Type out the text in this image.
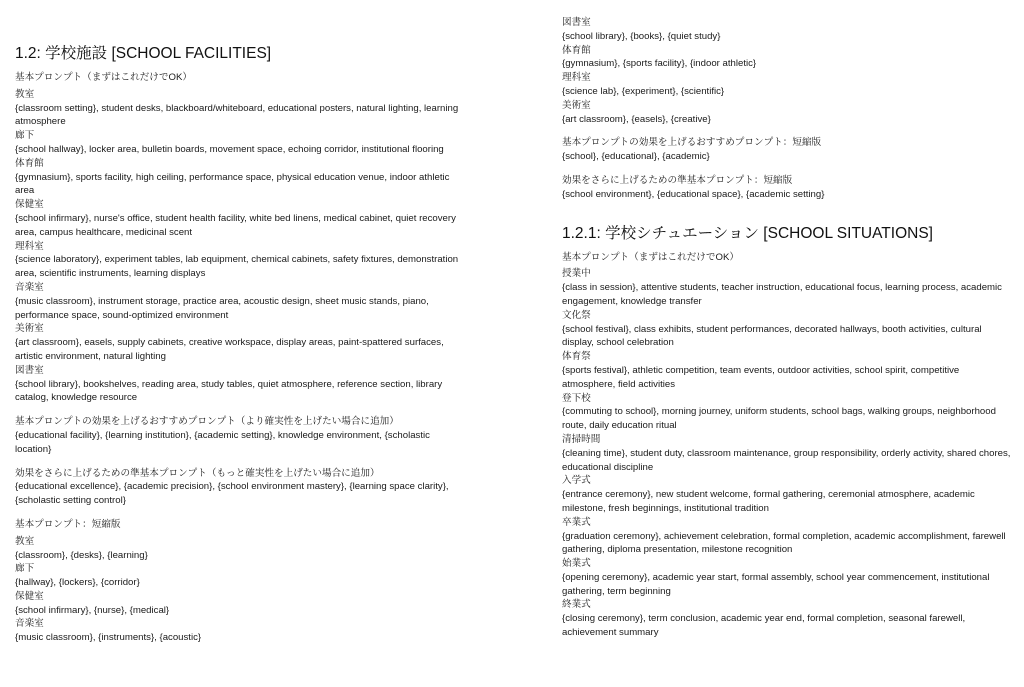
1.2: 学校施設 [SCHOOL FACILITIES]
基本プロンプト（まずはこれだけでOK）
教室
{classroom setting}, student desks, blackboard/whiteboard, educational posters, natural lighting, learning atmosphere
廊下
{school hallway}, locker area, bulletin boards, movement space, echoing corridor, institutional flooring
体育館
{gymnasium}, sports facility, high ceiling, performance space, physical education venue, indoor athletic area
保健室
{school infirmary}, nurse's office, student health facility, white bed linens, medical cabinet, quiet recovery area, campus healthcare, medicinal scent
理科室
{science laboratory}, experiment tables, lab equipment, chemical cabinets, safety fixtures, demonstration area, scientific instruments, learning displays
音楽室
{music classroom}, instrument storage, practice area, acoustic design, sheet music stands, piano, performance space, sound-optimized environment
美術室
{art classroom}, easels, supply cabinets, creative workspace, display areas, paint-spattered surfaces, artistic environment, natural lighting
図書室
{school library}, bookshelves, reading area, study tables, quiet atmosphere, reference section, library catalog, knowledge resource
基本プロンプトの効果を上げるおすすめプロンプト（より確実性を上げたい場合に追加）
{educational facility}, {learning institution}, {academic setting}, knowledge environment, {scholastic location}
効果をさらに上げるための準基本プロンプト（もっと確実性を上げたい場合に追加）
{educational excellence}, {academic precision}, {school environment mastery}, {learning space clarity}, {scholastic setting control}
基本プロンプト：短縮版
教室
{classroom}, {desks}, {learning}
廊下
{hallway}, {lockers}, {corridor}
保健室
{school infirmary}, {nurse}, {medical}
音楽室
{music classroom}, {instruments}, {acoustic}
図書室
{school library}, {books}, {quiet study}
体育館
{gymnasium}, {sports facility}, {indoor athletic}
理科室
{science lab}, {experiment}, {scientific}
美術室
{art classroom}, {easels}, {creative}
基本プロンプトの効果を上げるおすすめプロンプト：短縮版
{school}, {educational}, {academic}
効果をさらに上げるための準基本プロンプト：短縮版
{school environment}, {educational space}, {academic setting}
1.2.1: 学校シチュエーション [SCHOOL SITUATIONS]
基本プロンプト（まずはこれだけでOK）
授業中
{class in session}, attentive students, teacher instruction, educational focus, learning process, academic engagement, knowledge transfer
文化祭
{school festival}, class exhibits, student performances, decorated hallways, booth activities, cultural display, school celebration
体育祭
{sports festival}, athletic competition, team events, outdoor activities, school spirit, competitive atmosphere, field activities
登下校
{commuting to school}, morning journey, uniform students, school bags, walking groups, neighborhood route, daily education ritual
清掃時間
{cleaning time}, student duty, classroom maintenance, group responsibility, orderly activity, shared chores, educational discipline
入学式
{entrance ceremony}, new student welcome, formal gathering, ceremonial atmosphere, academic milestone, fresh beginnings, institutional tradition
卒業式
{graduation ceremony}, achievement celebration, formal completion, academic accomplishment, farewell gathering, diploma presentation, milestone recognition
始業式
{opening ceremony}, academic year start, formal assembly, school year commencement, institutional gathering, term beginning
終業式
{closing ceremony}, term conclusion, academic year end, formal completion, seasonal farewell, achievement summary
